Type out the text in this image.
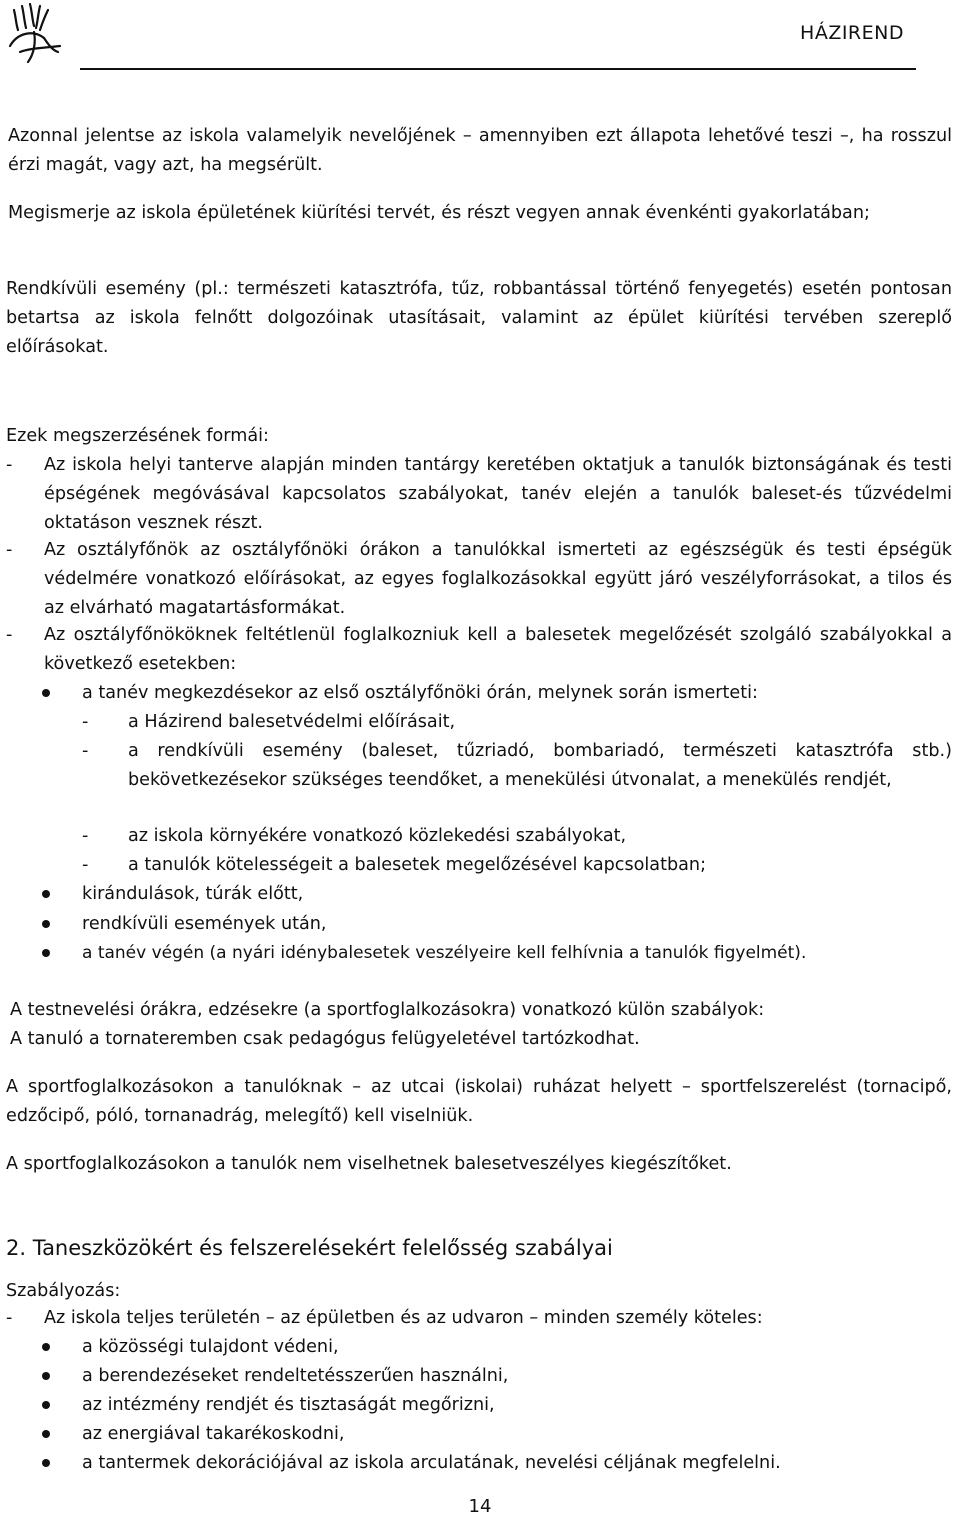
HÁZIREND

Azonnal jelentse az iskola valamelyik nevelőjének – amennyiben ezt állapota lehetővé teszi –, ha rosszul érzi magát, vagy azt, ha megsérült.

Megismerje az iskola épületének kiürítési tervét, és részt vegyen annak évenkénti gyakorlatában;

Rendkívüli esemény (pl.: természeti katasztrófa, tűz, robbantással történő fenyegetés) esetén pontosan betartsa az iskola felnőtt dolgozóinak utasításait, valamint az épület kiürítési tervében szereplő előírásokat.

Ezek megszerzésének formái:
- Az iskola helyi tanterve alapján minden tantárgy keretében oktatjuk a tanulók biztonságának és testi épségének megóvásával kapcsolatos szabályokat, tanév elején a tanulók baleset-és tűzvédelmi oktatáson vesznek részt.

- Az osztályfőnök az osztályfőnöki órákon a tanulókkal ismerteti az egészségük és testi épségük védelmére vonatkozó előírásokat, az egyes foglalkozásokkal együtt járó veszélyforrásokat, a tilos és az elvárható magatartásformákat.

- Az osztályfőnököknek feltétlenül foglalkozniuk kell a balesetek megelőzését szolgáló szabályokkal a következő esetekben:

a tanév megkezdésekor az első osztályfőnöki órán, melynek során ismerteti:

- a Házirend balesetvédelmi előírásait,

- a rendkívüli esemény (baleset, tűzriadó, bombariadó, természeti katasztrófa stb.) bekövetkezésekor szükséges teendőket, a menekülési útvonalat, a menekülés rendjét,

- az iskola környékére vonatkozó közlekedési szabályokat,

- a tanulók kötelességeit a balesetek megelőzésével kapcsolatban;

kirándulások, túrák előtt,

rendkívüli események után,

a tanév végén (a nyári idénybalesetek veszélyeire kell felhívnia a tanulók figyelmét).

A testnevelési órákra, edzésekre (a sportfoglalkozásokra) vonatkozó külön szabályok:

A tanuló a tornateremben csak pedagógus felügyeletével tartózkodhat.

A sportfoglalkozásokon a tanulóknak – az utcai (iskolai) ruházat helyett – sportfelszerelést (tornacipő, edzőcipő, póló, tornanadrág, melegítő) kell viselniük.

A sportfoglalkozásokon a tanulók nem viselhetnek balesetveszélyes kiegészítőket.

2. Taneszközökért és felszerelésekért felelősség szabályai
Szabályozás:
- Az iskola teljes területén – az épületben és az udvaron – minden személy köteles:

a közösségi tulajdont védeni,

a berendezéseket rendeltetésszerűen használni,

az intézmény rendjét és tisztaságát megőrizni,

az energiával takarékoskodni,

a tantermek dekorációjával az iskola arculatának, nevelési céljának megfelelni.

14
